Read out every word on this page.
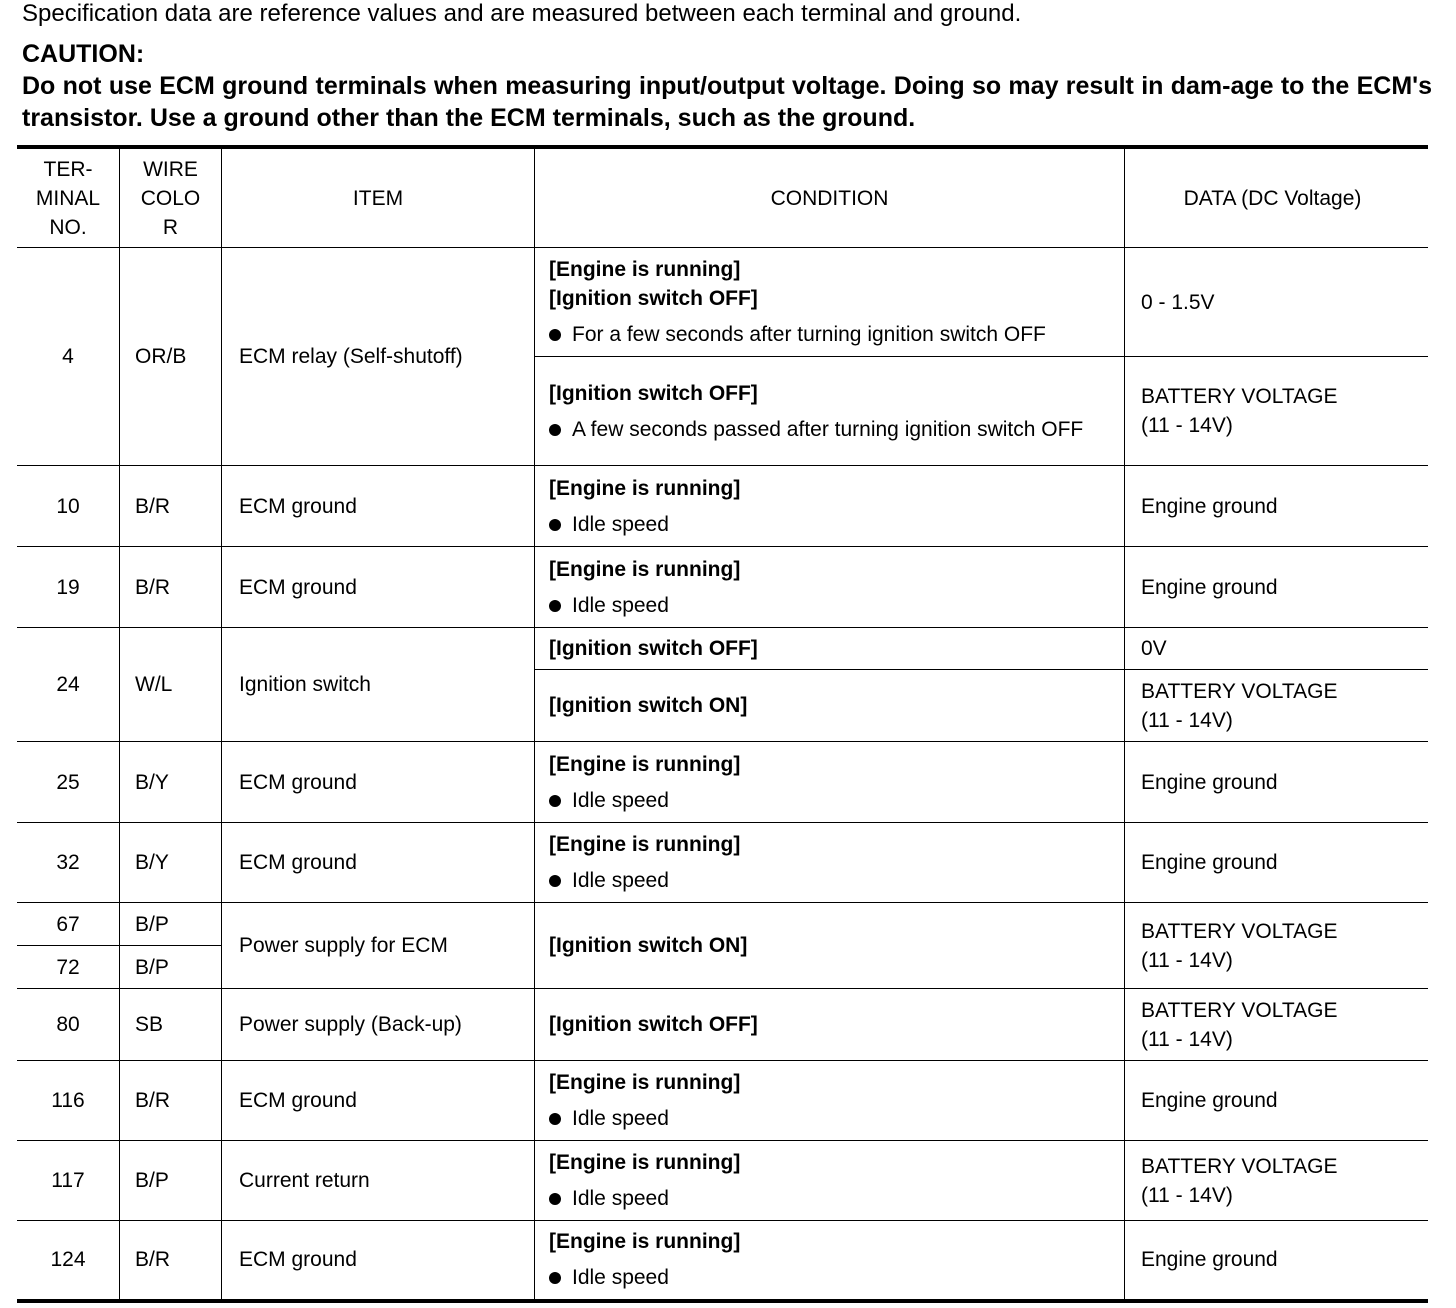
Specification data are reference values and are measured between each terminal and ground.

CAUTION:

Do not use ECM ground terminals when measuring input/output voltage. Doing so may result in dam-age to the ECM's transistor. Use a ground other than the ECM terminals, such as the ground.

TER-
MINAL
NO.	WIRE
COLO
R	ITEM	CONDITION	DATA (DC Voltage)
4	OR/B	ECM relay (Self-shutoff)	[Engine is running]
[Ignition switch OFF]
For a few seconds after turning ignition switch OFF	0 - 1.5V

			[Ignition switch OFF]
A few seconds passed after turning ignition switch OFF	BATTERY VOLTAGE
(11 - 14V)

10	B/R	ECM ground	[Engine is running]
Idle speed	Engine ground
19	B/R	ECM ground	[Engine is running]
Idle speed	Engine ground
24	W/L	Ignition switch	[Ignition switch OFF]	0V

			[Ignition switch ON]	BATTERY VOLTAGE
(11 - 14V)

25	B/Y	ECM ground	[Engine is running]
Idle speed	Engine ground
32	B/Y	ECM ground	[Engine is running]
Idle speed	Engine ground
67	B/P	Power supply for ECM	[Ignition switch ON]	BATTERY VOLTAGE
(11 - 14V)

72	B/P			
80	SB	Power supply (Back-up)	[Ignition switch OFF]	BATTERY VOLTAGE
(11 - 14V)

116	B/R	ECM ground	[Engine is running]
Idle speed	Engine ground
117	B/P	Current return	[Engine is running]
Idle speed	BATTERY VOLTAGE
(11 - 14V)

124	B/R	ECM ground	[Engine is running]
Idle speed	Engine ground
